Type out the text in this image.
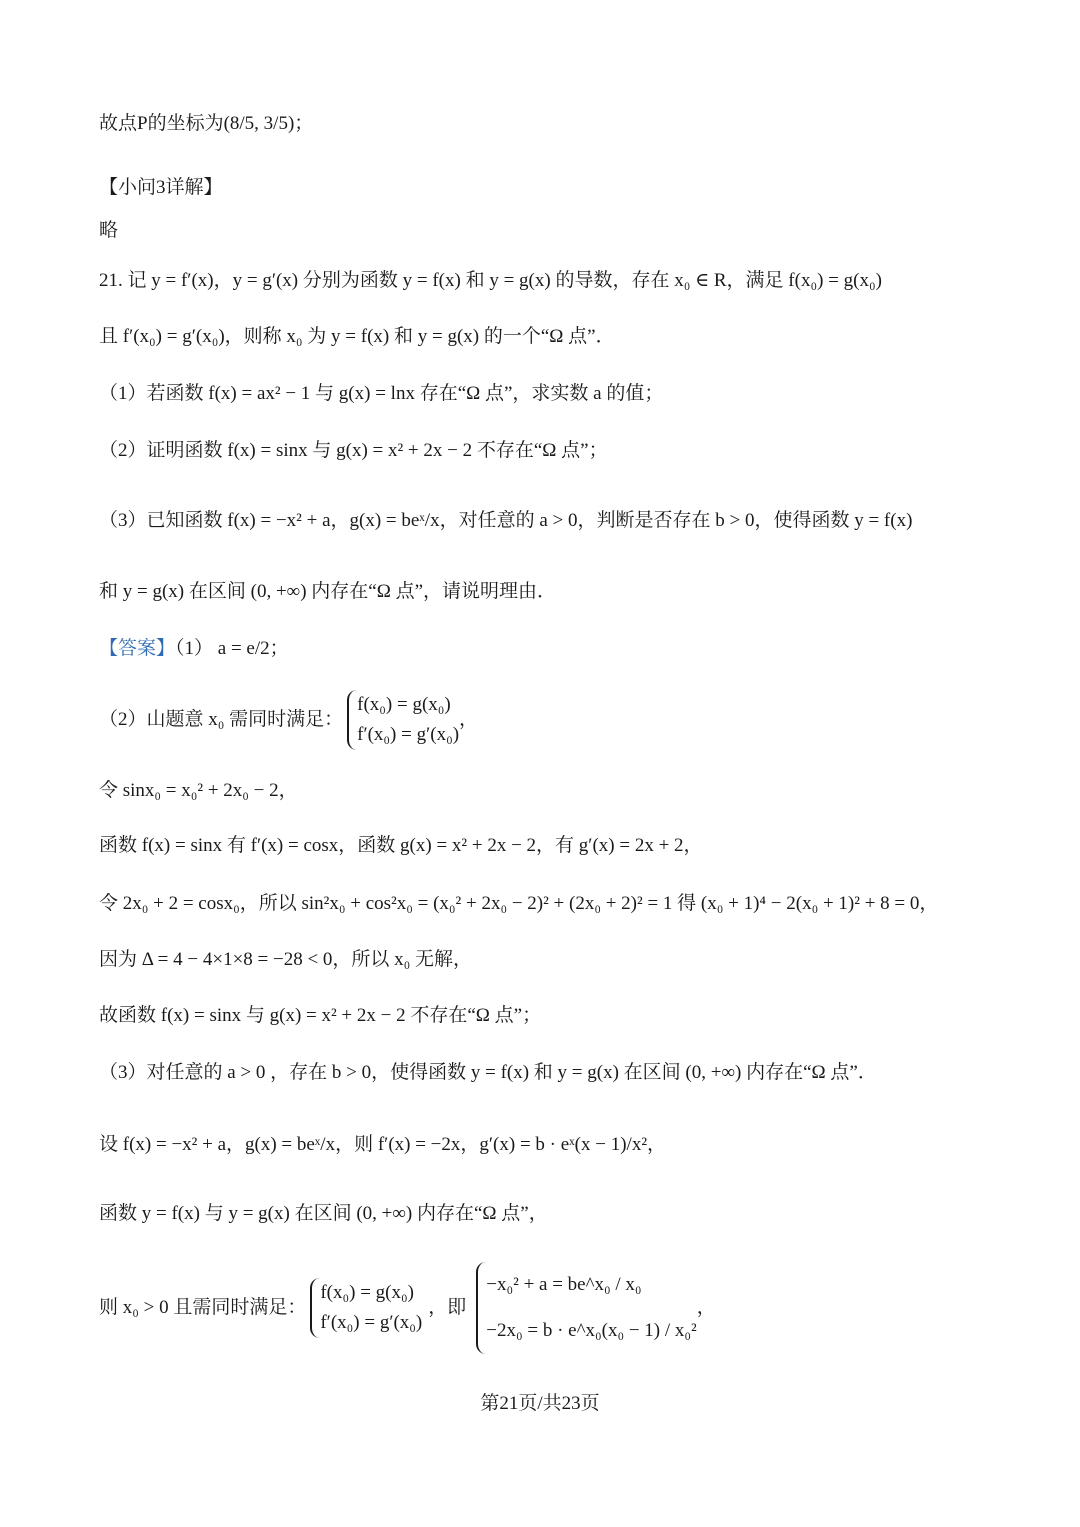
故点P的坐标为(8/5, 3/5)；
【小问3详解】
略
21. 记 y = f′(x)，y = g′(x) 分别为函数 y = f(x) 和 y = g(x) 的导数，存在 x₀ ∈ R，满足 f(x₀) = g(x₀)
且 f′(x₀) = g′(x₀)，则称 x₀ 为 y = f(x) 和 y = g(x) 的一个“Ω 点”．
（1）若函数 f(x) = ax² − 1 与 g(x) = lnx 存在“Ω 点”，求实数 a 的值；
（2）证明函数 f(x) = sinx 与 g(x) = x² + 2x − 2 不存在“Ω 点”；
（3）已知函数 f(x) = −x² + a，g(x) = beˣ/x，对任意的 a > 0，判断是否存在 b > 0，使得函数 y = f(x)
和 y = g(x) 在区间 (0, +∞) 内存在“Ω 点”，请说明理由．
【答案】（1） a = e/2；
（2）山题意 x₀ 需同时满足：
f(x₀) = g(x₀)
f′(x₀) = g′(x₀)
，
令 sinx₀ = x₀² + 2x₀ − 2，
函数 f(x) = sinx 有 f′(x) = cosx，函数 g(x) = x² + 2x − 2，有 g′(x) = 2x + 2，
令 2x₀ + 2 = cosx₀，所以 sin²x₀ + cos²x₀ = (x₀² + 2x₀ − 2)² + (2x₀ + 2)² = 1 得 (x₀ + 1)⁴ − 2(x₀ + 1)² + 8 = 0，
因为 Δ = 4 − 4×1×8 = −28 < 0，所以 x₀ 无解，
故函数 f(x) = sinx 与 g(x) = x² + 2x − 2 不存在“Ω 点”；
（3）对任意的 a > 0 ，存在 b > 0，使得函数 y = f(x) 和 y = g(x) 在区间 (0, +∞) 内存在“Ω 点”．
设 f(x) = −x² + a，g(x) = beˣ/x，则 f′(x) = −2x，g′(x) = b · eˣ(x − 1)/x²，
函数 y = f(x) 与 y = g(x) 在区间 (0, +∞) 内存在“Ω 点”，
则 x₀ > 0 且需同时满足：
f(x₀) = g(x₀)
f′(x₀) = g′(x₀)
，即
−x₀² + a = be^x₀ / x₀
−2x₀ = b · e^x₀(x₀ − 1) / x₀²
，
第21页/共23页
